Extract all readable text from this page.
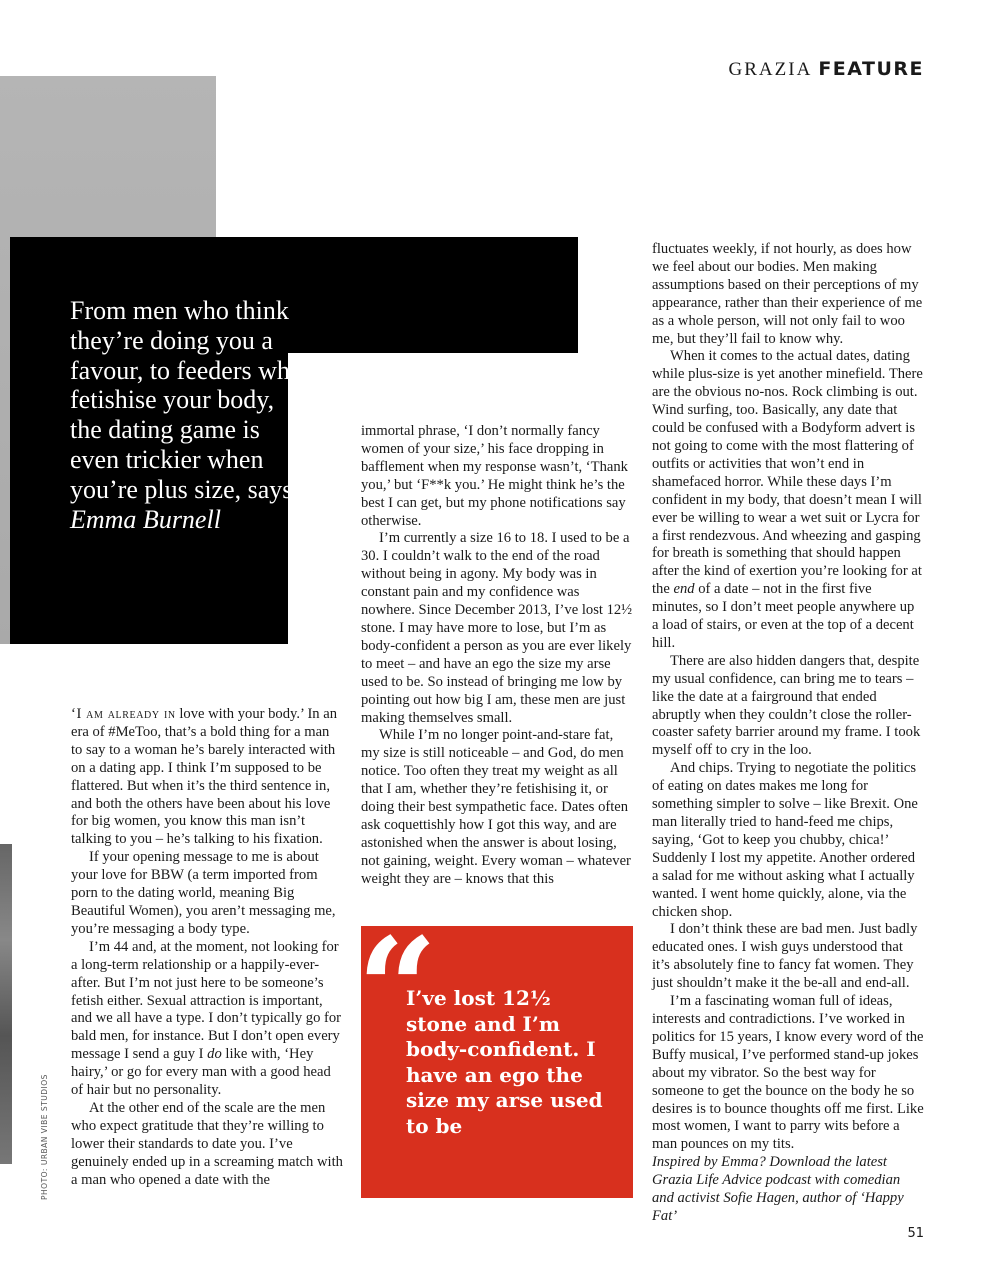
GRAZIA FEATURE
From men who think they’re doing you a favour, to feeders who fetishise your body, the dating game is even trickier when you’re plus size, says Emma Burnell

‘I am already in love with your body.’ In an era of #MeToo, that’s a bold thing for a man to say to a woman he’s barely interacted with on a dating app. I think I’m supposed to be flattered. But when it’s the third sentence in, and both the others have been about his love for big women, you know this man isn’t talking to you – he’s talking to his fixation.

If your opening message to me is about your love for BBW (a term imported from porn to the dating world, meaning Big Beautiful Women), you aren’t messaging me, you’re messaging a body type.

I’m 44 and, at the moment, not looking for a long-term relationship or a happily-ever-after. But I’m not just here to be someone’s fetish either. Sexual attraction is important, and we all have a type. I don’t typically go for bald men, for instance. But I don’t open every message I send a guy I do like with, ‘Hey hairy,’ or go for every man with a good head of hair but no personality.

At the other end of the scale are the men who expect gratitude that they’re willing to lower their standards to date you. I’ve genuinely ended up in a screaming match with a man who opened a date with the

immortal phrase, ‘I don’t normally fancy women of your size,’ his face dropping in bafflement when my response wasn’t, ‘Thank you,’ but ‘F**k you.’ He might think he’s the best I can get, but my phone notifications say otherwise.

I’m currently a size 16 to 18. I used to be a 30. I couldn’t walk to the end of the road without being in agony. My body was in constant pain and my confidence was nowhere. Since December 2013, I’ve lost 12½ stone. I may have more to lose, but I’m as body-confident a person as you are ever likely to meet – and have an ego the size my arse used to be. So instead of bringing me low by pointing out how big I am, these men are just making themselves small.

While I’m no longer point-and-stare fat, my size is still noticeable – and God, do men notice. Too often they treat my weight as all that I am, whether they’re fetishising it, or doing their best sympathetic face. Dates often ask coquettishly how I got this way, and are astonished when the answer is about losing, not gaining, weight. Every woman – whatever weight they are – knows that this

fluctuates weekly, if not hourly, as does how we feel about our bodies. Men making assumptions based on their perceptions of my appearance, rather than their experience of me as a whole person, will not only fail to woo me, but they’ll fail to know why.

When it comes to the actual dates, dating while plus-size is yet another minefield. There are the obvious no-nos. Rock climbing is out. Wind surfing, too. Basically, any date that could be confused with a Bodyform advert is not going to come with the most flattering of outfits or activities that won’t end in shamefaced horror. While these days I’m confident in my body, that doesn’t mean I will ever be willing to wear a wet suit or Lycra for a first rendezvous. And wheezing and gasping for breath is something that should happen after the kind of exertion you’re looking for at the end of a date – not in the first five minutes, so I don’t meet people anywhere up a load of stairs, or even at the top of a decent hill.

There are also hidden dangers that, despite my usual confidence, can bring me to tears – like the date at a fairground that ended abruptly when they couldn’t close the roller-coaster safety barrier around my frame. I took myself off to cry in the loo.

And chips. Trying to negotiate the politics of eating on dates makes me long for something simpler to solve – like Brexit. One man literally tried to hand-feed me chips, saying, ‘Got to keep you chubby, chica!’ Suddenly I lost my appetite. Another ordered a salad for me without asking what I actually wanted. I went home quickly, alone, via the chicken shop.

I don’t think these are bad men. Just badly educated ones. I wish guys understood that it’s absolutely fine to fancy fat women. They just shouldn’t make it the be-all and end-all.

I’m a fascinating woman full of ideas, interests and contradictions. I’ve worked in politics for 15 years, I know every word of the Buffy musical, I’ve performed stand-up jokes about my vibrator. So the best way for someone to get the bounce on the body he so desires is to bounce thoughts off me first. Like most women, I want to parry wits before a man pounces on my tits.

Inspired by Emma? Download the latest Grazia Life Advice podcast with comedian and activist Sofie Hagen, author of ‘Happy Fat’

“
I’ve lost 12½ stone and I’m body-confident. I have an ego the size my arse used to be
PHOTO: URBAN VIBE STUDIOS
51
